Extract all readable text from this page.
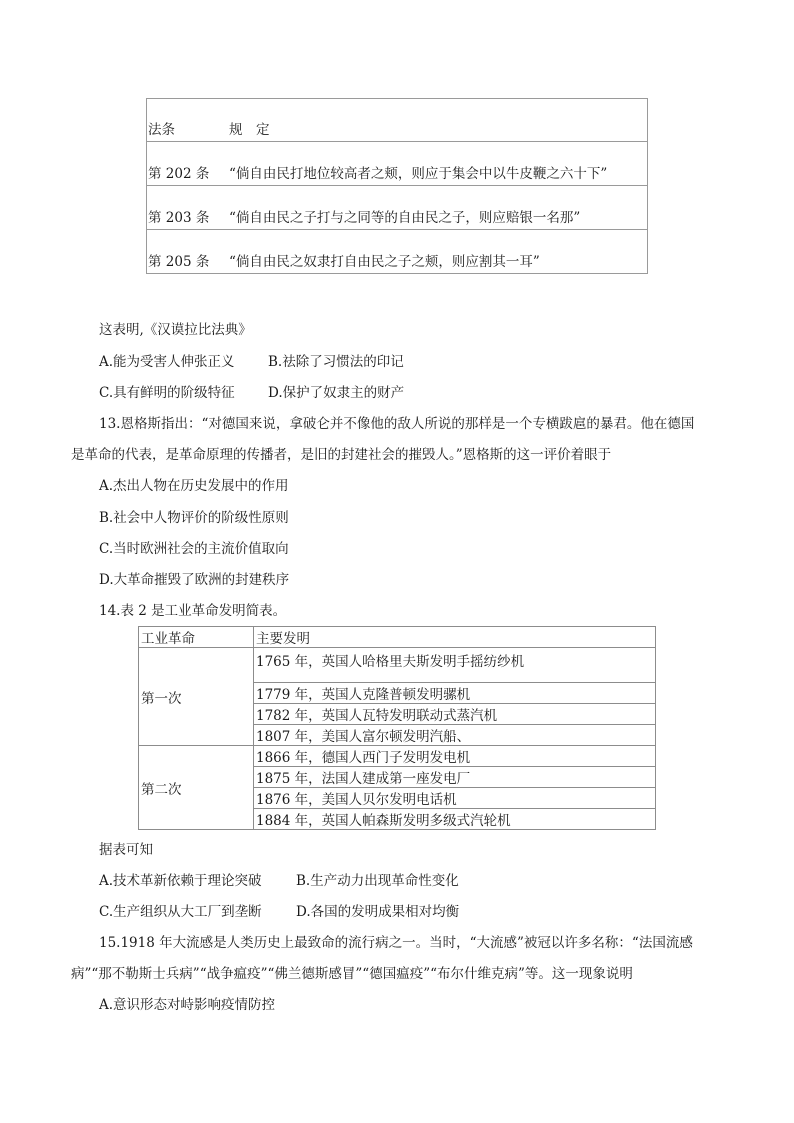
法条	规　定
第 202 条	“倘自由民打地位较高者之颊，则应于集会中以牛皮鞭之六十下”
第 203 条	“倘自由民之子打与之同等的自由民之子，则应赔银一名那”
第 205 条	“倘自由民之奴隶打自由民之子之颊，则应割其一耳”
这表明,《汉谟拉比法典》
A.能为受害人伸张正义 B.祛除了习惯法的印记
C.具有鲜明的阶级特征 D.保护了奴隶主的财产
13.恩格斯指出：“对德国来说，拿破仑并不像他的敌人所说的那样是一个专横跋扈的暴君。他在德国
是革命的代表，是革命原理的传播者，是旧的封建社会的摧毁人。”恩格斯的这一评价着眼于
A.杰出人物在历史发展中的作用
B.社会中人物评价的阶级性原则
C.当时欧洲社会的主流价值取向
D.大革命摧毁了欧洲的封建秩序
14.表 2 是工业革命发明简表。
工业革命	主要发明
第一次	1765 年，英国人哈格里夫斯发明手摇纺纱机
	1779 年，英国人克隆普顿发明骡机
	1782 年，英国人瓦特发明联动式蒸汽机
	1807 年，美国人富尔顿发明汽船、
第二次	1866 年，德国人西门子发明发电机
	1875 年，法国人建成第一座发电厂
	1876 年，美国人贝尔发明电话机
	1884 年，英国人帕森斯发明多级式汽轮机
据表可知
A.技术革新依赖于理论突破	B.生产动力出现革命性变化
C.生产组织从大工厂到垄断	D.各国的发明成果相对均衡
15.1918 年大流感是人类历史上最致命的流行病之一。当时，“大流感”被冠以许多名称：“法国流感
病”“那不勒斯士兵病”“战争瘟疫”“佛兰德斯感冒”“德国瘟疫”“布尔什维克病”等。这一现象说明
A.意识形态对峙影响疫情防控
